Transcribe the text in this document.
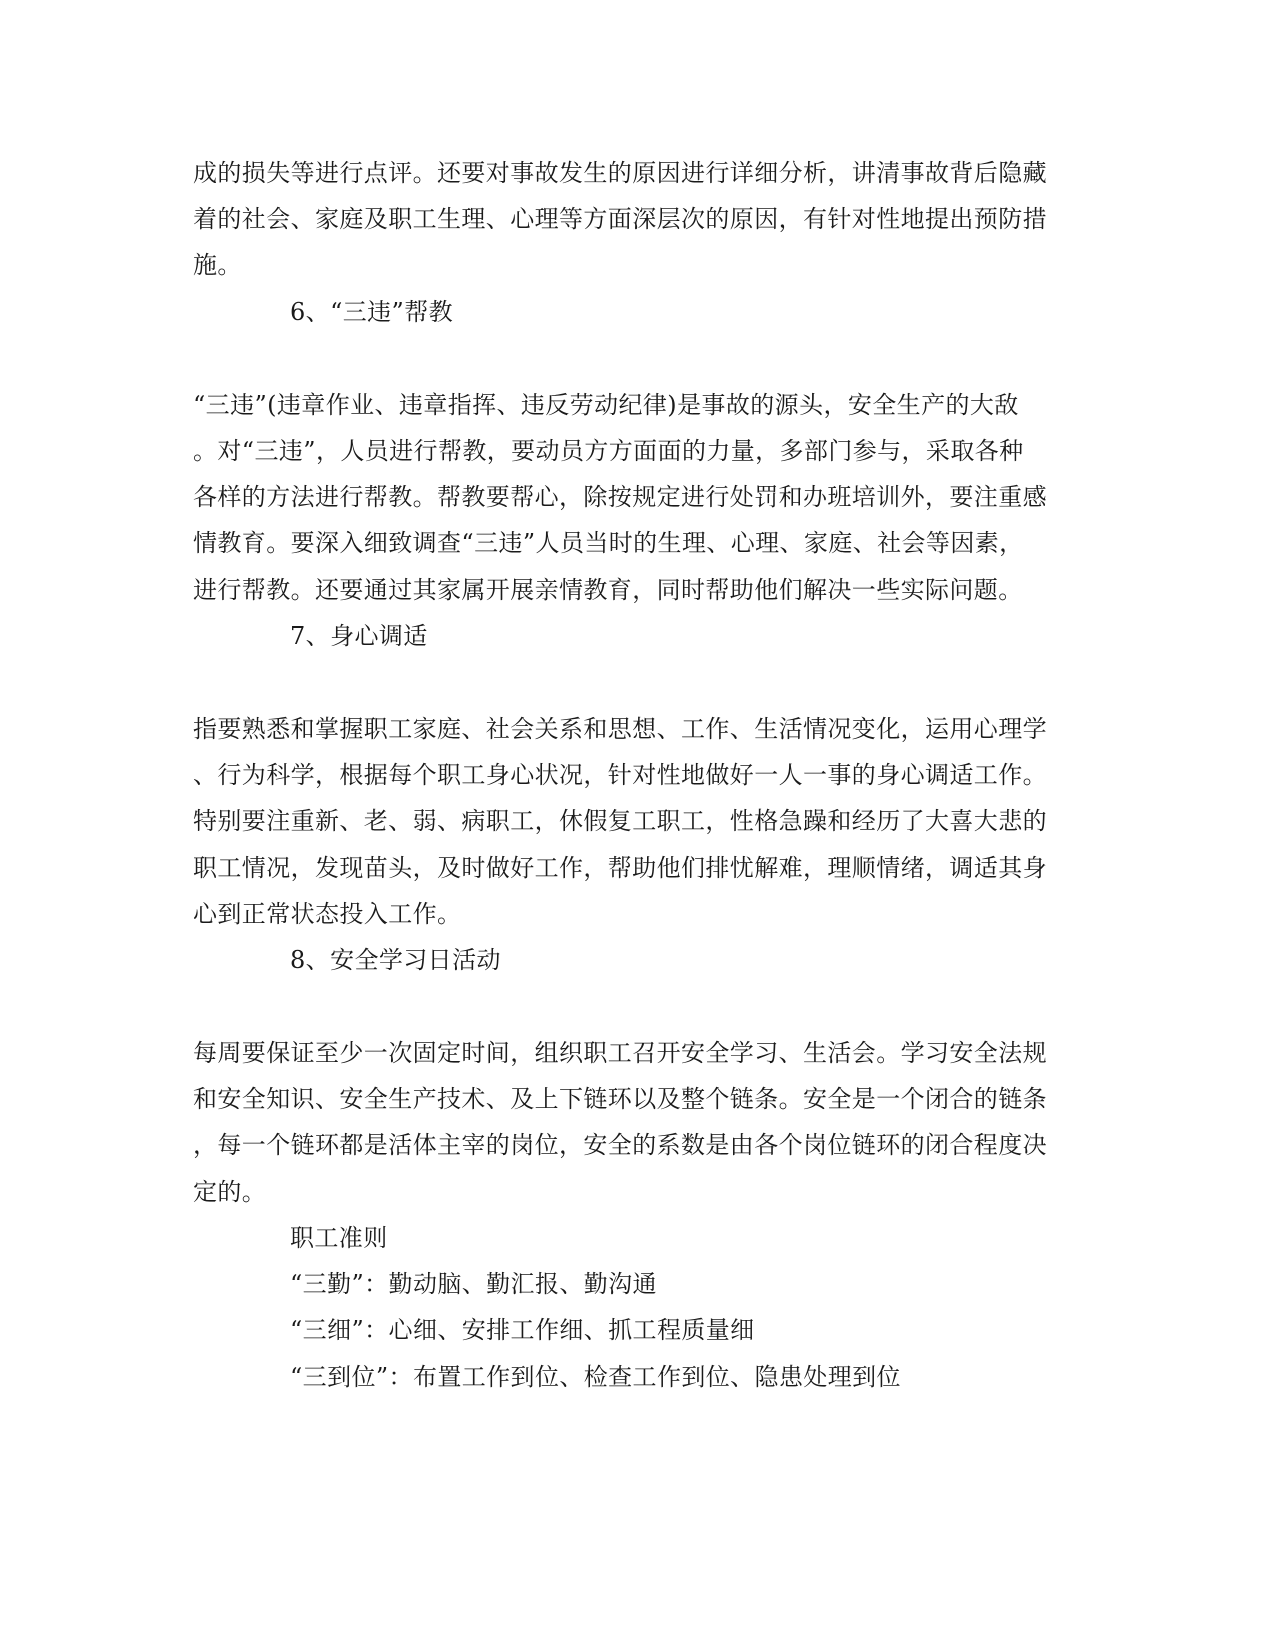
成的损失等进行点评。还要对事故发生的原因进行详细分析，讲清事故背后隐藏
着的社会、家庭及职工生理、心理等方面深层次的原因，有针对性地提出预防措
施。
6、“三违”帮教
“三违”(违章作业、违章指挥、违反劳动纪律)是事故的源头，安全生产的大敌
。对“三违”，人员进行帮教，要动员方方面面的力量，多部门参与，采取各种
各样的方法进行帮教。帮教要帮心，除按规定进行处罚和办班培训外，要注重感
情教育。要深入细致调查“三违”人员当时的生理、心理、家庭、社会等因素，
进行帮教。还要通过其家属开展亲情教育，同时帮助他们解决一些实际问题。
7、身心调适
指要熟悉和掌握职工家庭、社会关系和思想、工作、生活情况变化，运用心理学
、行为科学，根据每个职工身心状况，针对性地做好一人一事的身心调适工作。
特别要注重新、老、弱、病职工，休假复工职工，性格急躁和经历了大喜大悲的
职工情况，发现苗头，及时做好工作，帮助他们排忧解难，理顺情绪，调适其身
心到正常状态投入工作。
8、安全学习日活动
每周要保证至少一次固定时间，组织职工召开安全学习、生活会。学习安全法规
和安全知识、安全生产技术、及上下链环以及整个链条。安全是一个闭合的链条
，每一个链环都是活体主宰的岗位，安全的系数是由各个岗位链环的闭合程度决
定的。
职工准则
“三勤”：勤动脑、勤汇报、勤沟通
“三细”：心细、安排工作细、抓工程质量细
“三到位”：布置工作到位、检查工作到位、隐患处理到位
